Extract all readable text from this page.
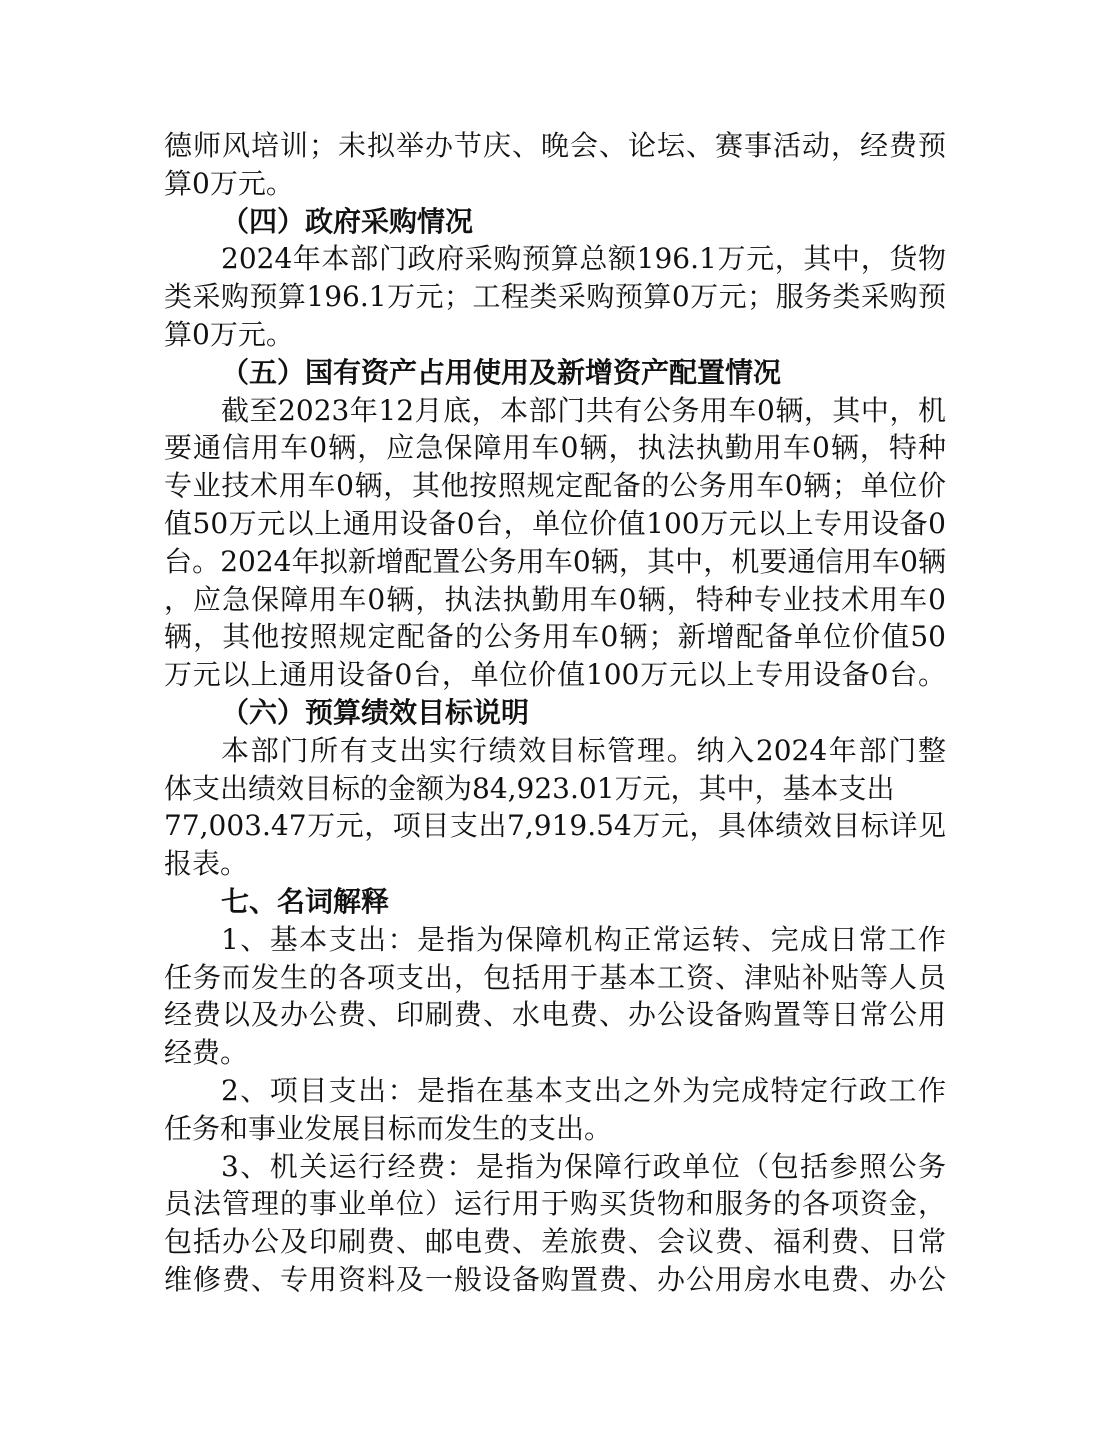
德师风培训；未拟举办节庆、晚会、论坛、赛事活动，经费预
算0万元。
（四）政府采购情况
2024年本部门政府采购预算总额196.1万元，其中，货物
类采购预算196.1万元；工程类采购预算0万元；服务类采购预
算0万元。
（五）国有资产占用使用及新增资产配置情况
截至2023年12月底，本部门共有公务用车0辆，其中，机
要通信用车0辆，应急保障用车0辆，执法执勤用车0辆，特种
专业技术用车0辆，其他按照规定配备的公务用车0辆；单位价
值50万元以上通用设备0台，单位价值100万元以上专用设备0
台。2024年拟新增配置公务用车0辆，其中，机要通信用车0辆
，应急保障用车0辆，执法执勤用车0辆，特种专业技术用车0
辆，其他按照规定配备的公务用车0辆；新增配备单位价值50
万元以上通用设备0台，单位价值100万元以上专用设备0台。
（六）预算绩效目标说明
本部门所有支出实行绩效目标管理。纳入2024年部门整
体支出绩效目标的金额为84,923.01万元，其中，基本支出
77,003.47万元，项目支出7,919.54万元，具体绩效目标详见
报表。
七、名词解释
1、基本支出：是指为保障机构正常运转、完成日常工作
任务而发生的各项支出，包括用于基本工资、津贴补贴等人员
经费以及办公费、印刷费、水电费、办公设备购置等日常公用
经费。
2、项目支出：是指在基本支出之外为完成特定行政工作
任务和事业发展目标而发生的支出。
3、机关运行经费：是指为保障行政单位（包括参照公务
员法管理的事业单位）运行用于购买货物和服务的各项资金，
包括办公及印刷费、邮电费、差旅费、会议费、福利费、日常
维修费、专用资料及一般设备购置费、办公用房水电费、办公
